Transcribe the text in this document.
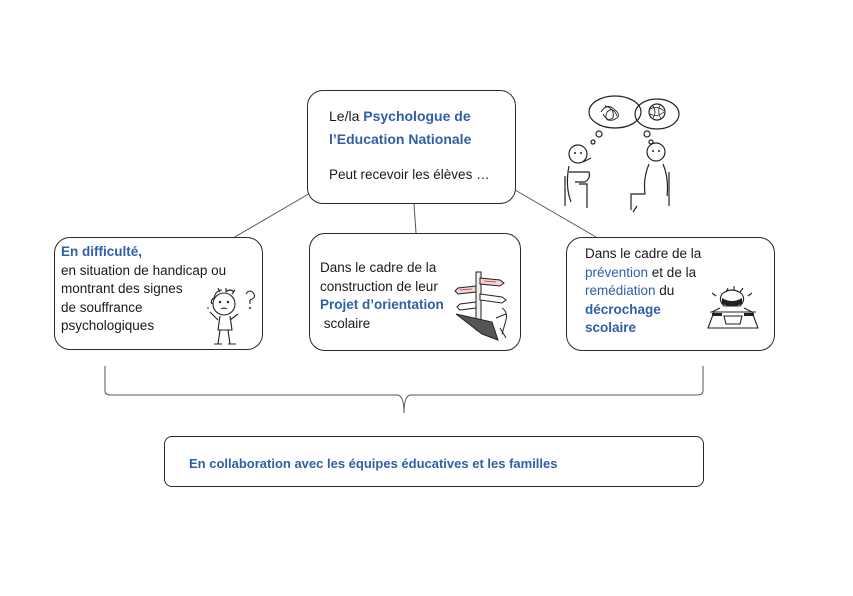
Le/la Psychologue de
l’Education Nationale
Peut recevoir les élèves …
En difficulté,
en situation de handicap ou
montrant des signes
de souffrance
psychologiques
Dans le cadre de la
construction de leur
Projet d’orientation
scolaire
Dans le cadre de la
prévention et de la
remédiation du
décrochage
scolaire
En collaboration avec les équipes éducatives et les familles
